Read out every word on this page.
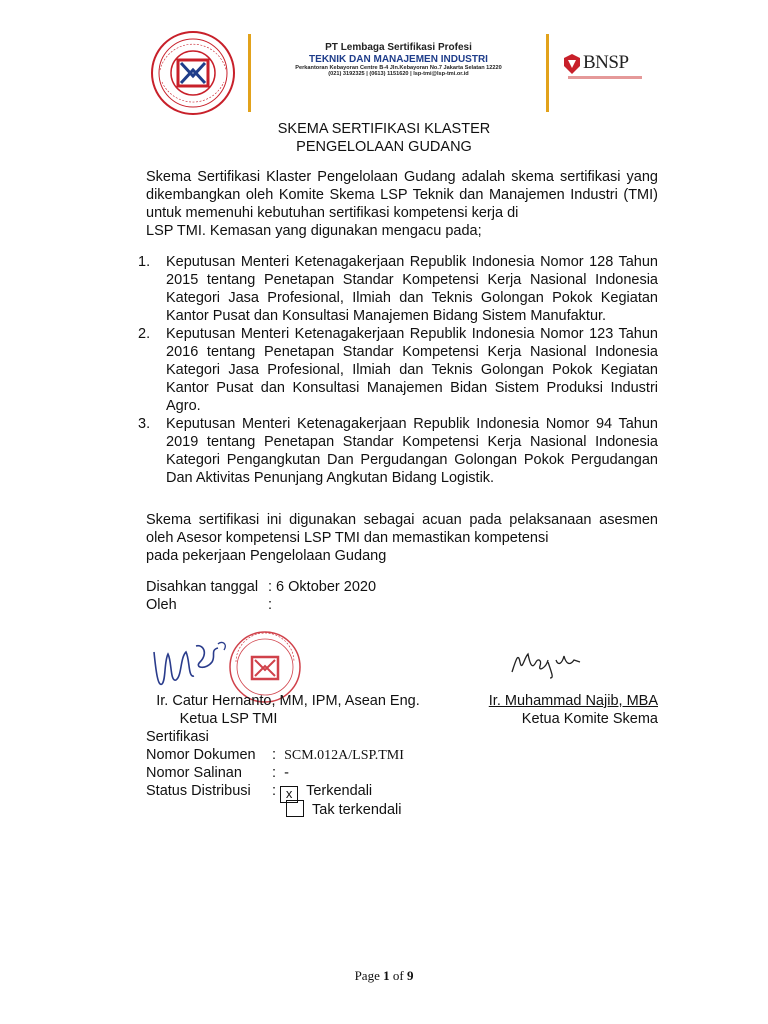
PT Lembaga Sertifikasi Profesi
TEKNIK DAN MANAJEMEN INDUSTRI
Perkantoran Kebayoran Centre B-4 Jln.Kebayoran No.7 Jakarta Selatan 12220
(021) 3192325 | (0613) 1151620 | lsp-tmi@lsp-tmi.or.id
BNSP
SKEMA SERTIFIKASI KLASTER
PENGELOLAAN GUDANG
Skema Sertifikasi Klaster Pengelolaan Gudang adalah skema sertifikasi yang dikembangkan oleh Komite Skema LSP Teknik dan Manajemen Industri (TMI) untuk memenuhi kebutuhan sertifikasi kompetensi kerja di
LSP TMI. Kemasan yang digunakan mengacu pada;
1. Keputusan Menteri Ketenagakerjaan Republik Indonesia Nomor 128 Tahun 2015 tentang Penetapan Standar Kompetensi Kerja Nasional Indonesia Kategori Jasa Profesional, Ilmiah dan Teknis Golongan Pokok Kegiatan Kantor Pusat dan Konsultasi Manajemen Bidang Sistem Manufaktur.
2. Keputusan Menteri Ketenagakerjaan Republik Indonesia Nomor 123 Tahun 2016 tentang Penetapan Standar Kompetensi Kerja Nasional Indonesia Kategori Jasa Profesional, Ilmiah dan Teknis Golongan Pokok Kegiatan Kantor Pusat dan Konsultasi Manajemen Bidan Sistem Produksi Industri Agro.
3. Keputusan Menteri Ketenagakerjaan Republik Indonesia Nomor 94 Tahun 2019 tentang Penetapan Standar Kompetensi Kerja Nasional Indonesia Kategori Pengangkutan Dan Pergudangan Golongan Pokok Pergudangan Dan Aktivitas Penunjang Angkutan Bidang Logistik.
Skema sertifikasi ini digunakan sebagai acuan pada pelaksanaan asesmen oleh Asesor kompetensi LSP TMI dan memastikan kompetensi
pada pekerjaan Pengelolaan Gudang
Disahkan tanggal : 6 Oktober 2020
Oleh	:
Ir. Catur Hernanto, MM, IPM, Asean Eng.
Ketua LSP TMI
Sertifikasi
Ir. Muhammad Najib, MBA
Ketua Komite Skema
Nomor Dokumen : SCM.012A/LSP.TMI
Nomor Salinan : -
Status Distribusi : x Terkendali
Tak terkendali
Page 1 of 9
